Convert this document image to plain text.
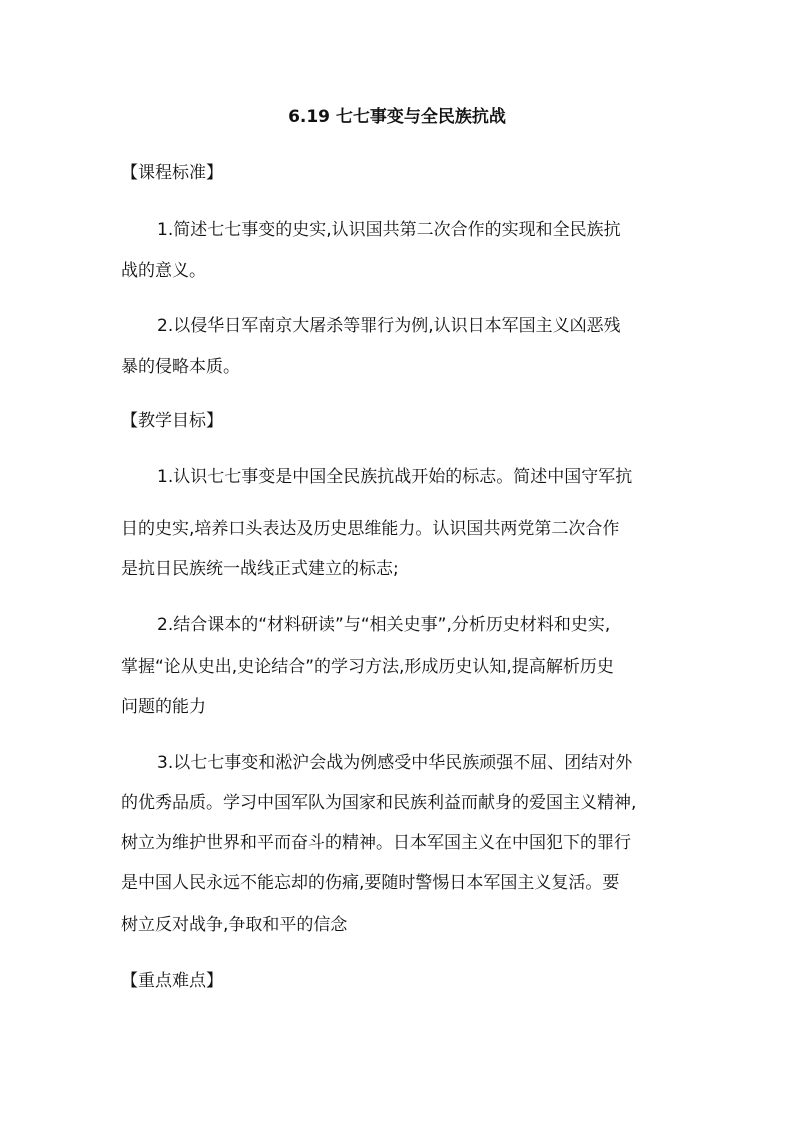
6.19 七七事变与全民族抗战
【课程标准】
1.简述七七事变的史实,认识国共第二次合作的实现和全民族抗
战的意义。
2.以侵华日军南京大屠杀等罪行为例,认识日本军国主义凶恶残
暴的侵略本质。
【教学目标】
1.认识七七事变是中国全民族抗战开始的标志。简述中国守军抗
日的史实,培养口头表达及历史思维能力。认识国共两党第二次合作
是抗日民族统一战线正式建立的标志;
2.结合课本的“材料研读”与“相关史事”,分析历史材料和史实,
掌握“论从史出,史论结合”的学习方法,形成历史认知,提高解析历史
问题的能力
3.以七七事变和淞沪会战为例感受中华民族顽强不屈、团结对外
的优秀品质。学习中国军队为国家和民族利益而献身的爱国主义精神,
树立为维护世界和平而奋斗的精神。日本军国主义在中国犯下的罪行
是中国人民永远不能忘却的伤痛,要随时警惕日本军国主义复活。要
树立反对战争,争取和平的信念
【重点难点】
